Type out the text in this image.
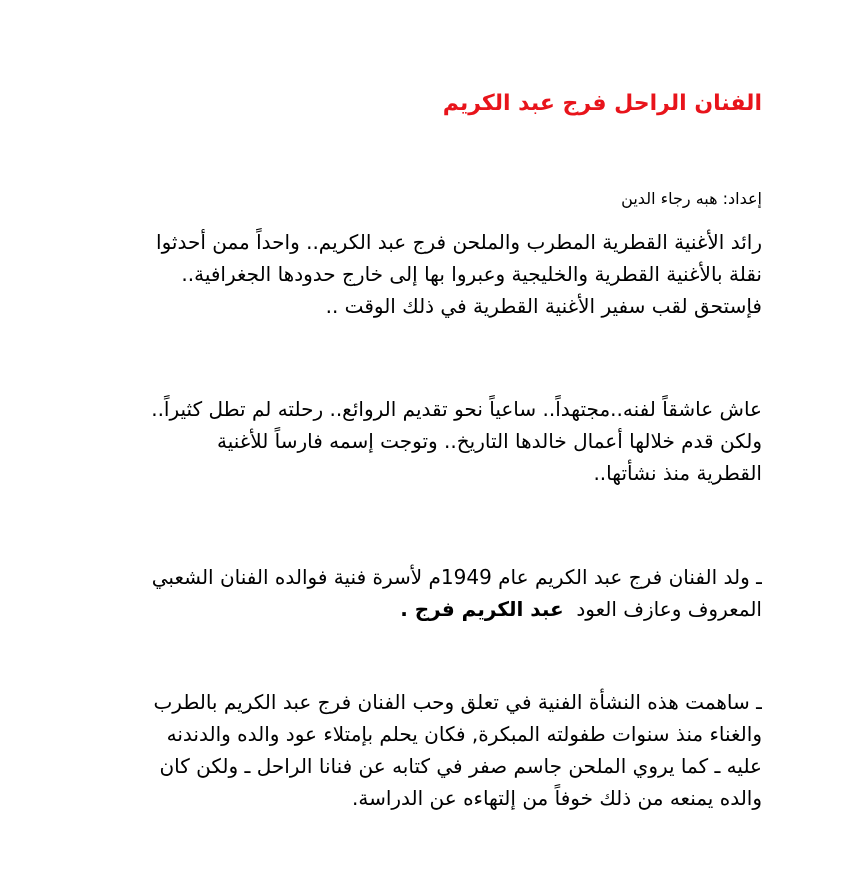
الفنان الراحل فرج عبد الكريم
إعداد: هبه رجاء الدين
رائد الأغنية القطرية المطرب والملحن فرج عبد الكريم.. واحداً ممن أحدثوا
نقلة بالأغنية القطرية والخليجية وعبروا بها إلى خارج حدودها الجغرافية..
فإستحق لقب سفير الأغنية القطرية في ذلك الوقت ..
عاش عاشقاً لفنه..مجتهداً.. ساعياً نحو تقديم الروائع.. رحلته لم تطل كثيراً..
ولكن قدم خلالها أعمال خالدها التاريخ.. وتوجت إسمه فارساً للأغنية
القطرية منذ نشأتها..
ـ ولد الفنان فرج عبد الكريم عام 1949م لأسرة فنية فوالده الفنان الشعبي
المعروف وعازف العود  عبد الكريم فرج .
ـ ساهمت هذه النشأة الفنية في تعلق وحب الفنان فرج عبد الكريم بالطرب
والغناء منذ سنوات طفولته المبكرة, فكان يحلم بإمتلاء عود والده والدندنه
عليه ـ كما يروي الملحن جاسم صفر في كتابه عن فنانا الراحل ـ ولكن كان
والده يمنعه من ذلك خوفاً من إلتهاءه عن الدراسة.
